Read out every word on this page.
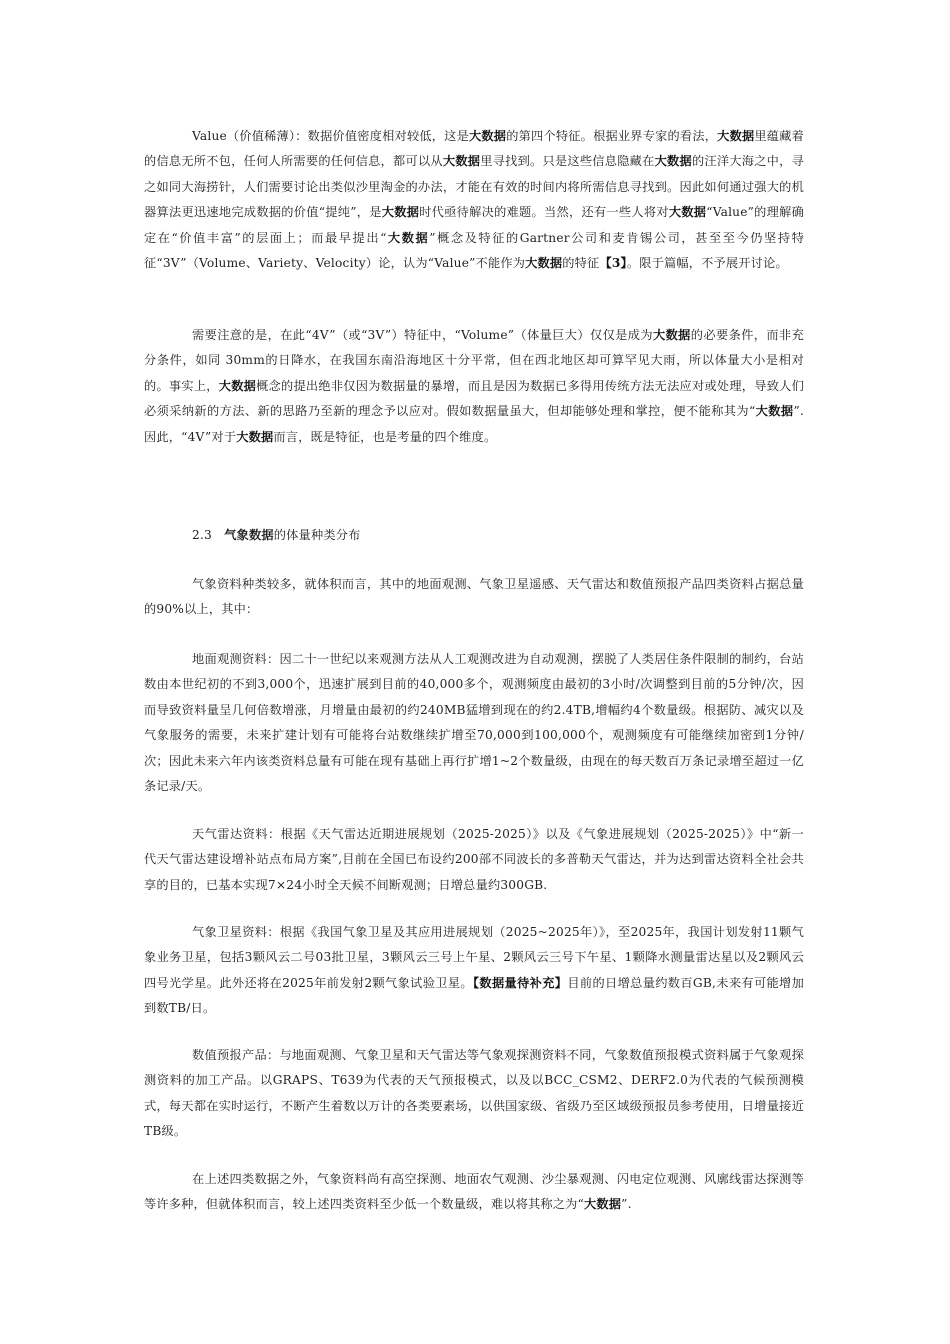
Value（价值稀薄）：数据价值密度相对较低，这是大数据的第四个特征。根据业界专家的看法，大数据里蕴藏着的信息无所不包，任何人所需要的任何信息，都可以从大数据里寻找到。只是这些信息隐藏在大数据的汪洋大海之中，寻之如同大海捞针，人们需要讨论出类似沙里淘金的办法，才能在有效的时间内将所需信息寻找到。因此如何通过强大的机器算法更迅速地完成数据的价值“提纯”，是大数据时代亟待解决的难题。当然，还有一些人将对大数据“Value”的理解确定在“价值丰富”的层面上；而最早提出“大数据”概念及特征的Gartner公司和麦肯锡公司，甚至至今仍坚持特征“3V”（Volume、Variety、Velocity）论，认为“Value”不能作为大数据的特征【3】。限于篇幅，不予展开讨论。

需要注意的是，在此“4V”（或“3V”）特征中，“Volume”（体量巨大）仅仅是成为大数据的必要条件，而非充分条件，如同 30mm的日降水，在我国东南沿海地区十分平常，但在西北地区却可算罕见大雨，所以体量大小是相对的。事实上，大数据概念的提出绝非仅因为数据量的暴增，而且是因为数据已多得用传统方法无法应对或处理，导致人们必须采纳新的方法、新的思路乃至新的理念予以应对。假如数据量虽大，但却能够处理和掌控，便不能称其为“大数据”.因此，“4V”对于大数据而言，既是特征，也是考量的四个维度。

2.3   气象数据的体量种类分布

气象资料种类较多，就体积而言，其中的地面观测、气象卫星遥感、天气雷达和数值预报产品四类资料占据总量的90%以上，其中：

地面观测资料：因二十一世纪以来观测方法从人工观测改进为自动观测，摆脱了人类居住条件限制的制约，台站数由本世纪初的不到3,000个，迅速扩展到目前的40,000多个，观测频度由最初的3小时/次调整到目前的5分钟/次，因而导致资料量呈几何倍数增涨，月增量由最初的约240MB猛增到现在的约2.4TB,增幅约4个数量级。根据防、减灾以及气象服务的需要，未来扩建计划有可能将台站数继续扩增至70,000到100,000个，观测频度有可能继续加密到1分钟/次；因此未来六年内该类资料总量有可能在现有基础上再行扩增1~2个数量级，由现在的每天数百万条记录增至超过一亿条记录/天。

天气雷达资料：根据《天气雷达近期进展规划（2025-2025）》以及《气象进展规划（2025-2025）》中“新一代天气雷达建设增补站点布局方案”,目前在全国已布设约200部不同波长的多普勒天气雷达，并为达到雷达资料全社会共享的目的，已基本实现7×24小时全天候不间断观测；日增总量约300GB.

气象卫星资料：根据《我国气象卫星及其应用进展规划（2025~2025年）》，至2025年，我国计划发射11颗气象业务卫星，包括3颗风云二号03批卫星，3颗风云三号上午星、2颗风云三号下午星、1颗降水测量雷达星以及2颗风云四号光学星。此外还将在2025年前发射2颗气象试验卫星。【数据量待补充】目前的日增总量约数百GB,未来有可能增加到数TB/日。

数值预报产品：与地面观测、气象卫星和天气雷达等气象观探测资料不同，气象数值预报模式资料属于气象观探测资料的加工产品。以GRAPS、T639为代表的天气预报模式，以及以BCC_CSM2、DERF2.0为代表的气候预测模式，每天都在实时运行，不断产生着数以万计的各类要素场，以供国家级、省级乃至区域级预报员参考使用，日增量接近TB级。

在上述四类数据之外，气象资料尚有高空探测、地面农气观测、沙尘暴观测、闪电定位观测、风廓线雷达探测等等许多种，但就体积而言，较上述四类资料至少低一个数量级，难以将其称之为“大数据”.
